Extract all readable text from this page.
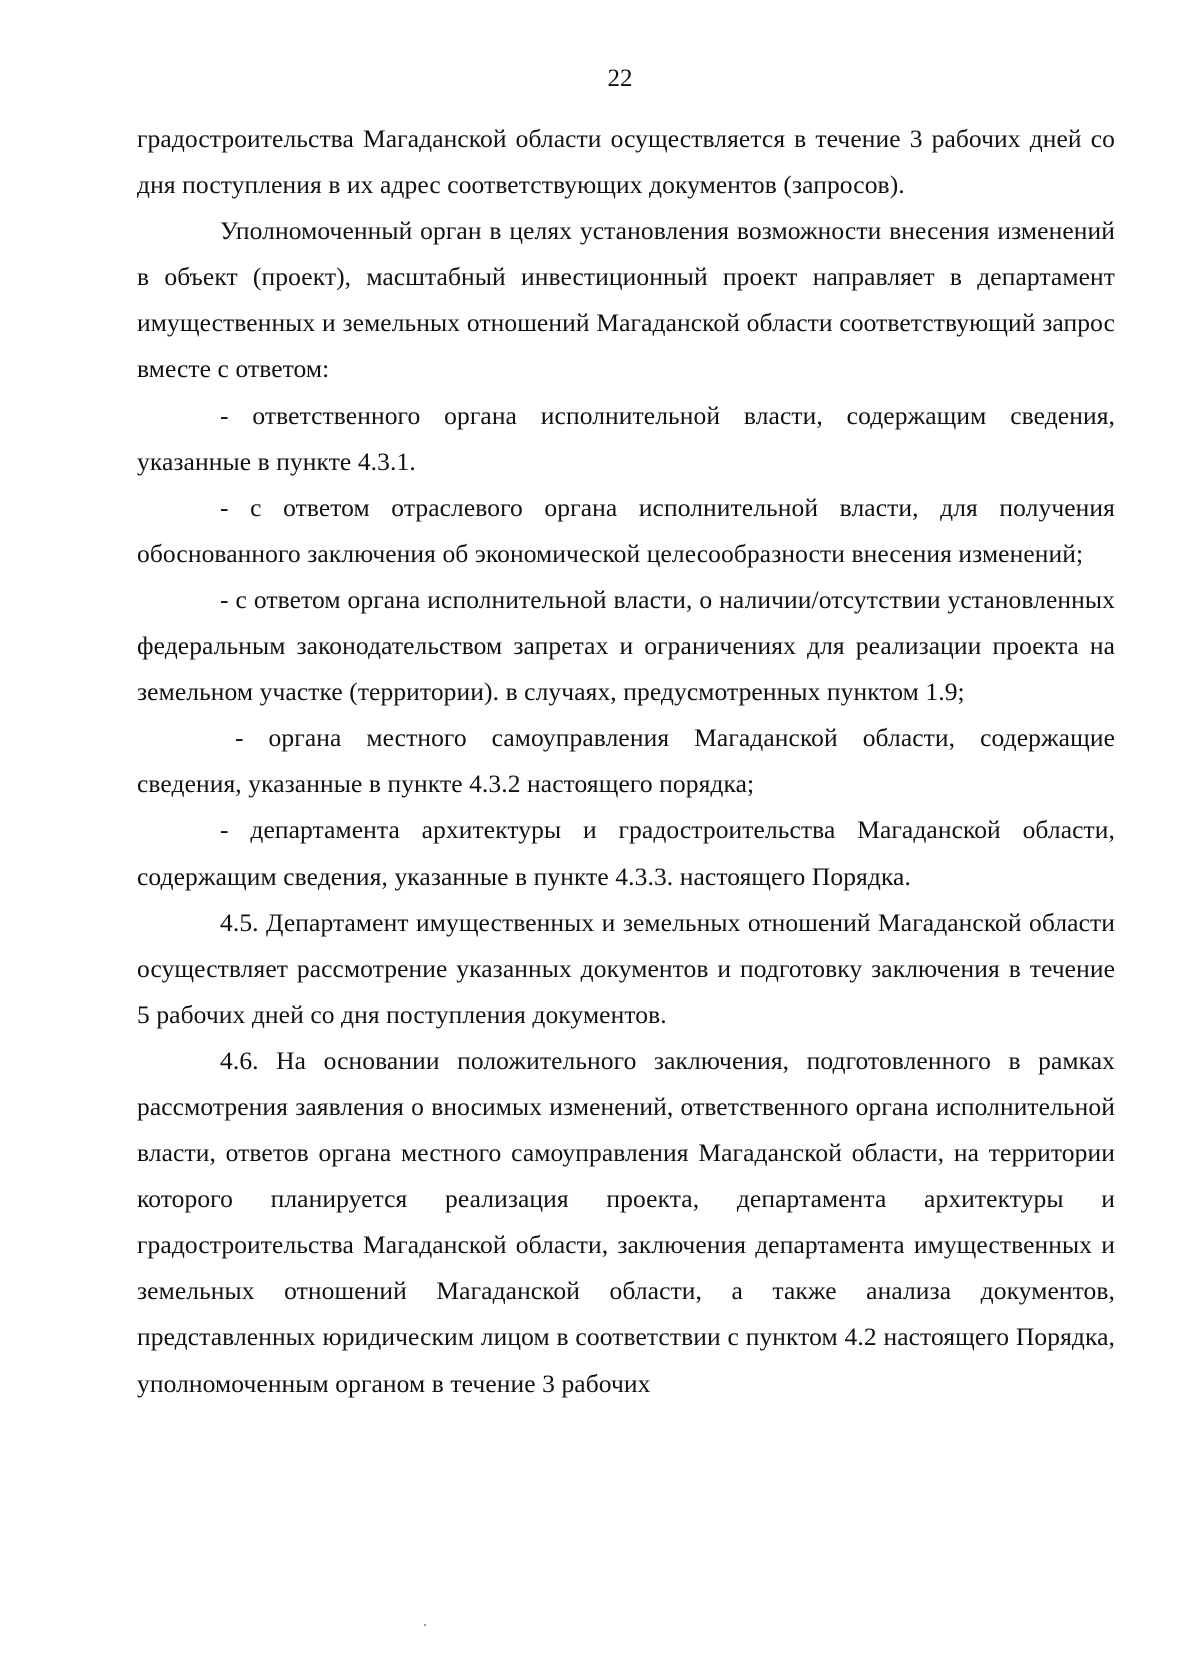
22

градостроительства Магаданской области осуществляется в течение 3 рабочих дней со дня поступления в их адрес соответствующих документов (запросов).

Уполномоченный орган в целях установления возможности внесения изменений в объект (проект), масштабный инвестиционный проект направляет в департамент имущественных и земельных отношений Магаданской области соответствующий запрос вместе с ответом:

- ответственного органа исполнительной власти, содержащим сведения, указанные в пункте 4.3.1.

- с ответом отраслевого органа исполнительной власти, для получения обоснованного заключения об экономической целесообразности внесения изменений;

- с ответом органа исполнительной власти, о наличии/отсутствии установленных федеральным законодательством запретах и ограничениях для реализации проекта на земельном участке (территории). в случаях, предусмотренных пунктом 1.9;

- органа местного самоуправления Магаданской области, содержащие сведения, указанные в пункте 4.3.2 настоящего порядка;

- департамента архитектуры и градостроительства Магаданской области, содержащим сведения, указанные в пункте 4.3.3. настоящего Порядка.

4.5. Департамент имущественных и земельных отношений Магаданской области осуществляет рассмотрение указанных документов и подготовку заключения в течение 5 рабочих дней со дня поступления документов.

4.6. На основании положительного заключения, подготовленного в рамках рассмотрения заявления о вносимых изменений, ответственного органа исполнительной власти, ответов органа местного самоуправления Магаданской области, на территории которого планируется реализация проекта, департамента архитектуры и градостроительства Магаданской области, заключения департамента имущественных и земельных отношений Магаданской области, а также анализа документов, представленных юридическим лицом в соответствии с пунктом 4.2 настоящего Порядка, уполномоченным органом в течение 3 рабочих
